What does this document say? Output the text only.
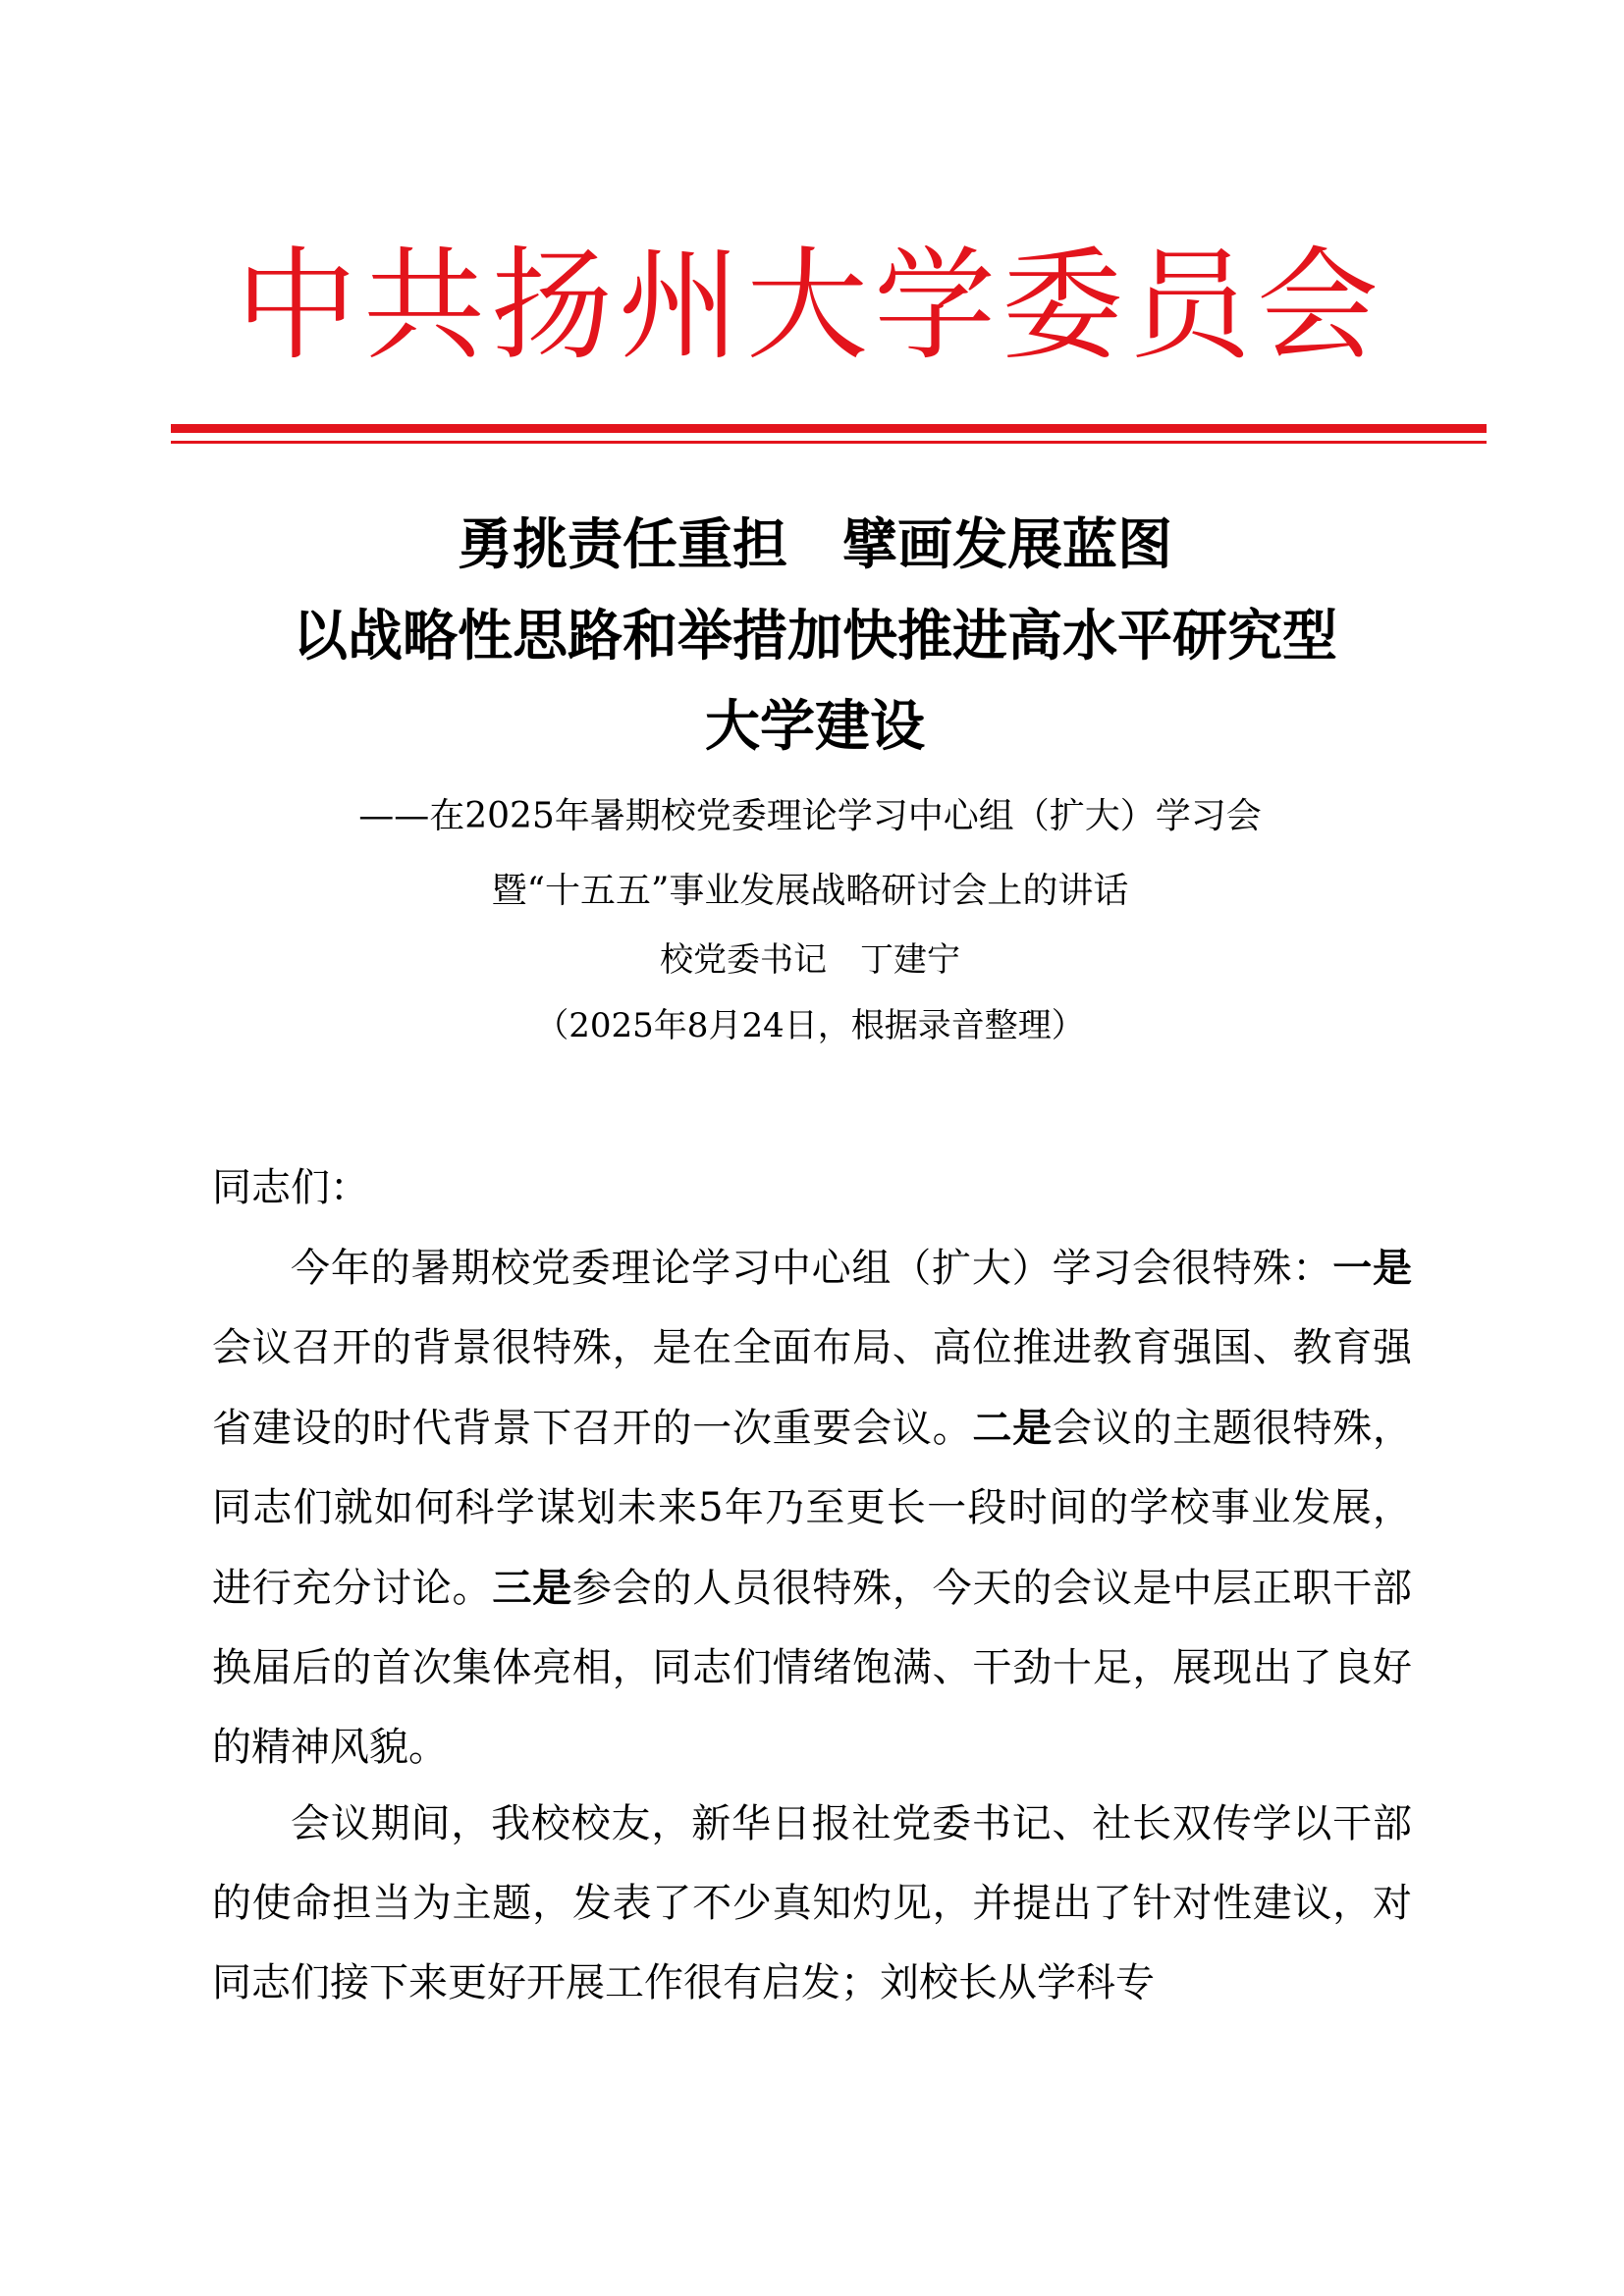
中共扬州大学委员会
勇挑责任重担　擘画发展蓝图
以战略性思路和举措加快推进高水平研究型
大学建设
——在2025年暑期校党委理论学习中心组（扩大）学习会
暨“十五五”事业发展战略研讨会上的讲话
校党委书记　丁建宁
（2025年8月24日，根据录音整理）
同志们：

今年的暑期校党委理论学习中心组（扩大）学习会很特殊：一是会议召开的背景很特殊，是在全面布局、高位推进教育强国、教育强省建设的时代背景下召开的一次重要会议。二是会议的主题很特殊，同志们就如何科学谋划未来5年乃至更长一段时间的学校事业发展，进行充分讨论。三是参会的人员很特殊，今天的会议是中层正职干部换届后的首次集体亮相，同志们情绪饱满、干劲十足，展现出了良好的精神风貌。

会议期间，我校校友，新华日报社党委书记、社长双传学以干部的使命担当为主题，发表了不少真知灼见，并提出了针对性建议，对同志们接下来更好开展工作很有启发；刘校长从学科专
